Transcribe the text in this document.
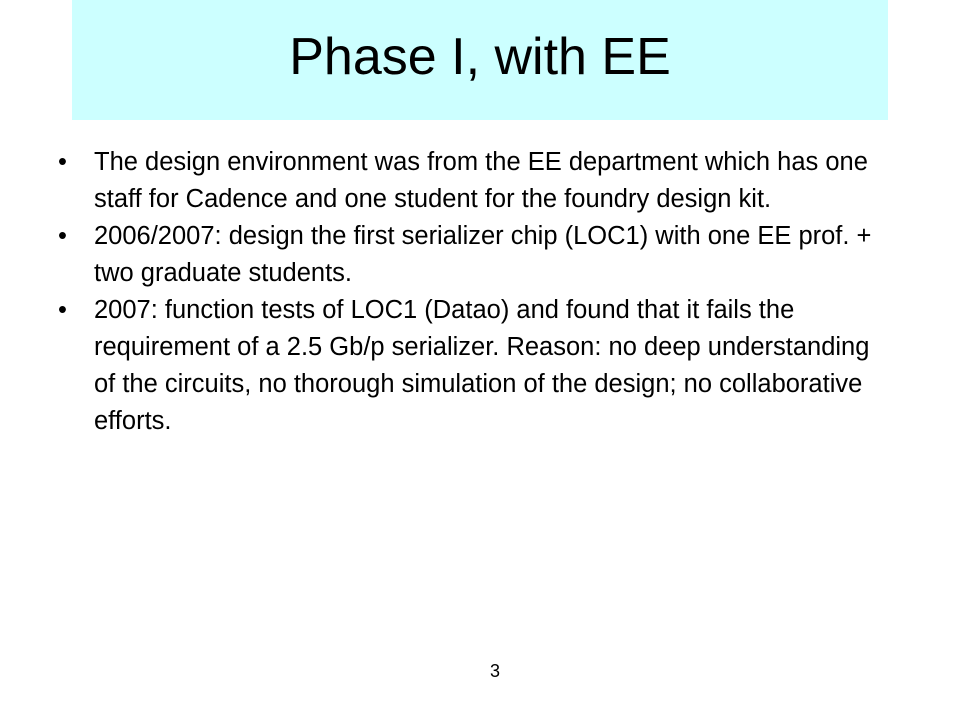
Phase I, with EE
•	The design environment was from the EE department which has one staff for Cadence and one student for the foundry design kit.
•	2006/2007: design the first serializer chip (LOC1) with one EE prof. + two graduate students.
•	2007: function tests of LOC1 (Datao) and found that it fails the requirement of a 2.5 Gb/p serializer. Reason: no deep understanding of the circuits, no thorough simulation of the design; no collaborative efforts.
3
